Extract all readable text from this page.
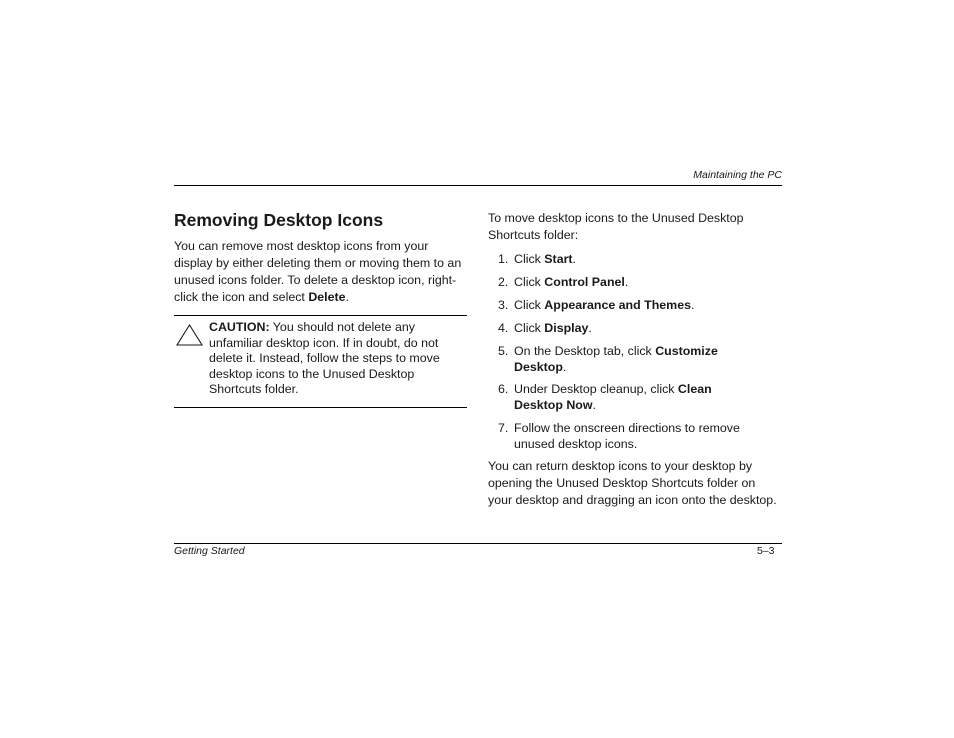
Maintaining the PC
Removing Desktop Icons

You can remove most desktop icons from your display by either deleting them or moving them to an unused icons folder. To delete a desktop icon, right-click the icon and select Delete.

CAUTION: You should not delete any unfamiliar desktop icon. If in doubt, do not delete it. Instead, follow the steps to move desktop icons to the Unused Desktop Shortcuts folder.

To move desktop icons to the Unused Desktop Shortcuts folder:

1. Click Start.
2. Click Control Panel.
3. Click Appearance and Themes.
4. Click Display.
5. On the Desktop tab, click Customize Desktop.
6. Under Desktop cleanup, click Clean Desktop Now.
7. Follow the onscreen directions to remove unused desktop icons.

You can return desktop icons to your desktop by opening the Unused Desktop Shortcuts folder on your desktop and dragging an icon onto the desktop.

Getting Started	5–3
